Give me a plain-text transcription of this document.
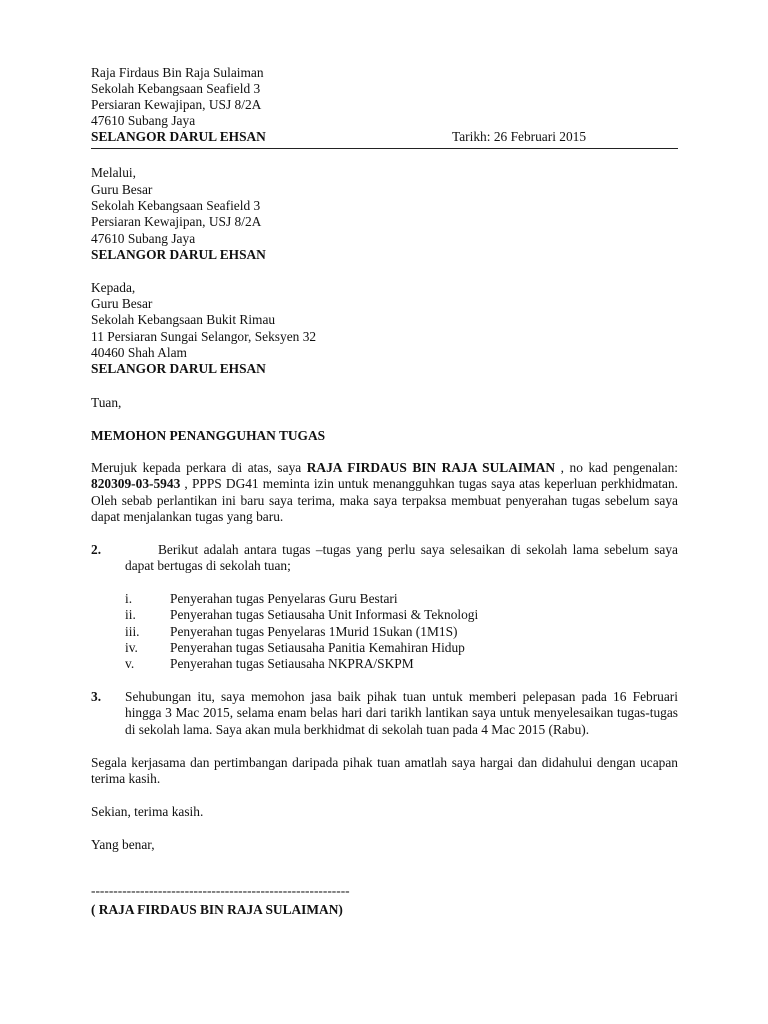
Raja Firdaus Bin Raja Sulaiman
Sekolah Kebangsaan Seafield 3
Persiaran Kewajipan, USJ 8/2A
47610 Subang Jaya
SELANGOR DARUL EHSAN	Tarikh: 26 Februari 2015
Melalui,
Guru Besar
Sekolah Kebangsaan Seafield 3
Persiaran Kewajipan, USJ 8/2A
47610 Subang Jaya
SELANGOR DARUL EHSAN
Kepada,
Guru Besar
Sekolah Kebangsaan Bukit Rimau
11 Persiaran Sungai Selangor, Seksyen 32
40460 Shah Alam
SELANGOR DARUL EHSAN
Tuan,
MEMOHON PENANGGUHAN TUGAS
Merujuk kepada perkara di atas, saya RAJA FIRDAUS BIN RAJA SULAIMAN , no kad pengenalan: 820309-03-5943 , PPPS DG41 meminta izin untuk menangguhkan tugas saya atas keperluan perkhidmatan. Oleh sebab perlantikan ini baru saya terima, maka saya terpaksa membuat penyerahan tugas sebelum saya dapat menjalankan tugas yang baru.
2.	Berikut adalah antara tugas –tugas yang perlu saya selesaikan di sekolah lama sebelum saya dapat bertugas di sekolah tuan;
i.	Penyerahan tugas Penyelaras Guru Bestari
ii.	Penyerahan tugas Setiausaha Unit Informasi & Teknologi
iii. Penyerahan tugas Penyelaras 1Murid 1Sukan (1M1S)
iv. Penyerahan tugas Setiausaha Panitia Kemahiran Hidup
v.	Penyerahan tugas Setiausaha NKPRA/SKPM
3. Sehubungan itu, saya memohon jasa baik pihak tuan untuk memberi pelepasan pada 16 Februari hingga 3 Mac 2015, selama enam belas hari dari tarikh lantikan saya untuk menyelesaikan tugas-tugas di sekolah lama. Saya akan mula berkhidmat di sekolah tuan pada 4 Mac 2015 (Rabu).
Segala kerjasama dan pertimbangan daripada pihak tuan amatlah saya hargai dan didahului dengan ucapan terima kasih.
Sekian, terima kasih.
Yang benar,
----------------------------------------------------------
( RAJA FIRDAUS BIN RAJA SULAIMAN)
